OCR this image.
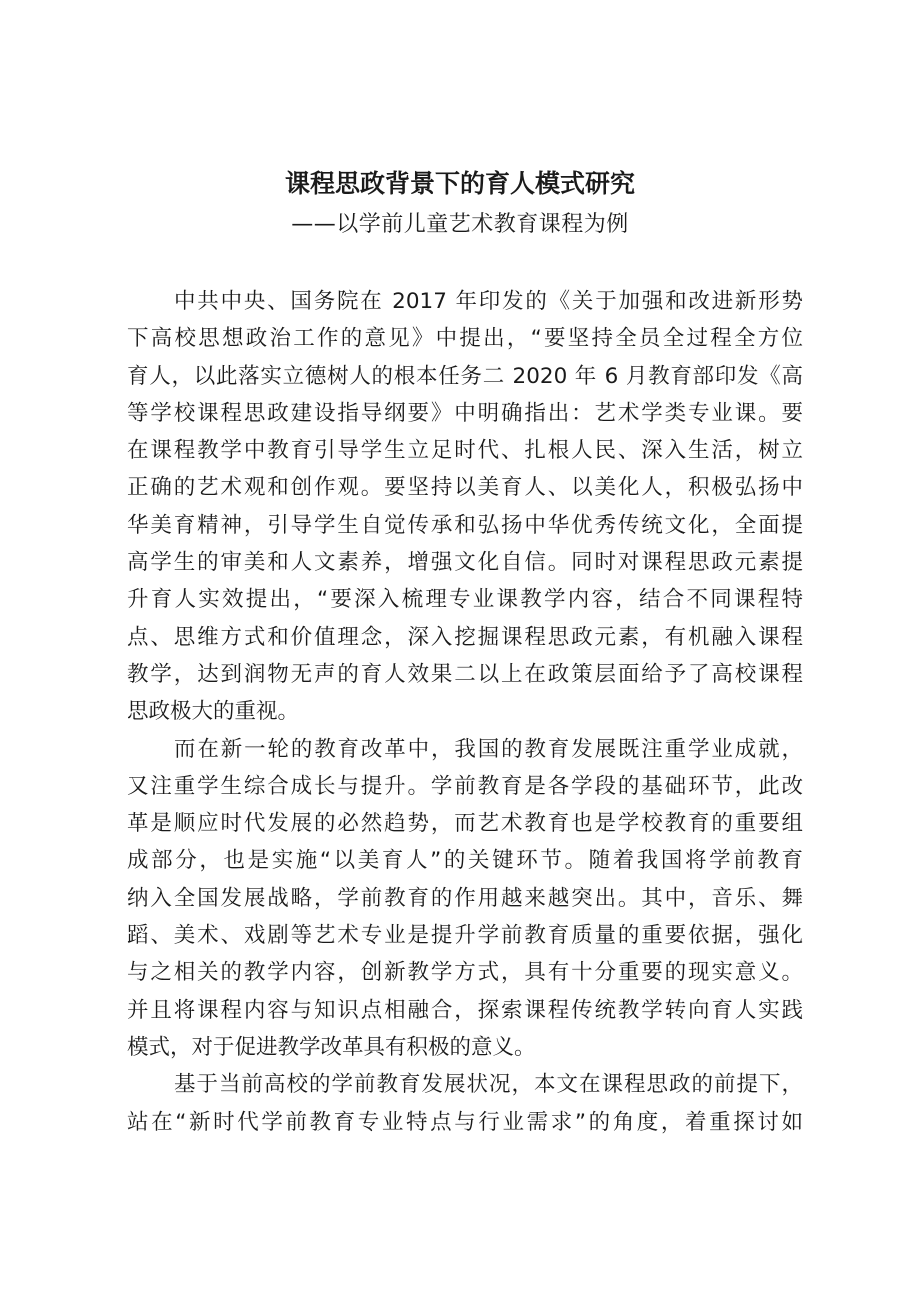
课程思政背景下的育人模式研究
——以学前儿童艺术教育课程为例
中共中央、国务院在 2017 年印发的《关于加强和改进新形势
下高校思想政治工作的意见》中提出，“要坚持全员全过程全方位
育人，以此落实立德树人的根本任务二 2020 年 6 月教育部印发《高
等学校课程思政建设指导纲要》中明确指出：艺术学类专业课。要
在课程教学中教育引导学生立足时代、扎根人民、深入生活，树立
正确的艺术观和创作观。要坚持以美育人、以美化人，积极弘扬中
华美育精神，引导学生自觉传承和弘扬中华优秀传统文化，全面提
高学生的审美和人文素养，增强文化自信。同时对课程思政元素提
升育人实效提出，“要深入梳理专业课教学内容，结合不同课程特
点、思维方式和价值理念，深入挖掘课程思政元素，有机融入课程
教学，达到润物无声的育人效果二以上在政策层面给予了高校课程
思政极大的重视。
而在新一轮的教育改革中，我国的教育发展既注重学业成就，
又注重学生综合成长与提升。学前教育是各学段的基础环节，此改
革是顺应时代发展的必然趋势，而艺术教育也是学校教育的重要组
成部分，也是实施“以美育人”的关键环节。随着我国将学前教育
纳入全国发展战略，学前教育的作用越来越突出。其中，音乐、舞
蹈、美术、戏剧等艺术专业是提升学前教育质量的重要依据，强化
与之相关的教学内容，创新教学方式，具有十分重要的现实意义。
并且将课程内容与知识点相融合，探索课程传统教学转向育人实践
模式，对于促进教学改革具有积极的意义。
基于当前高校的学前教育发展状况，本文在课程思政的前提下，
站在“新时代学前教育专业特点与行业需求”的角度，着重探讨如
